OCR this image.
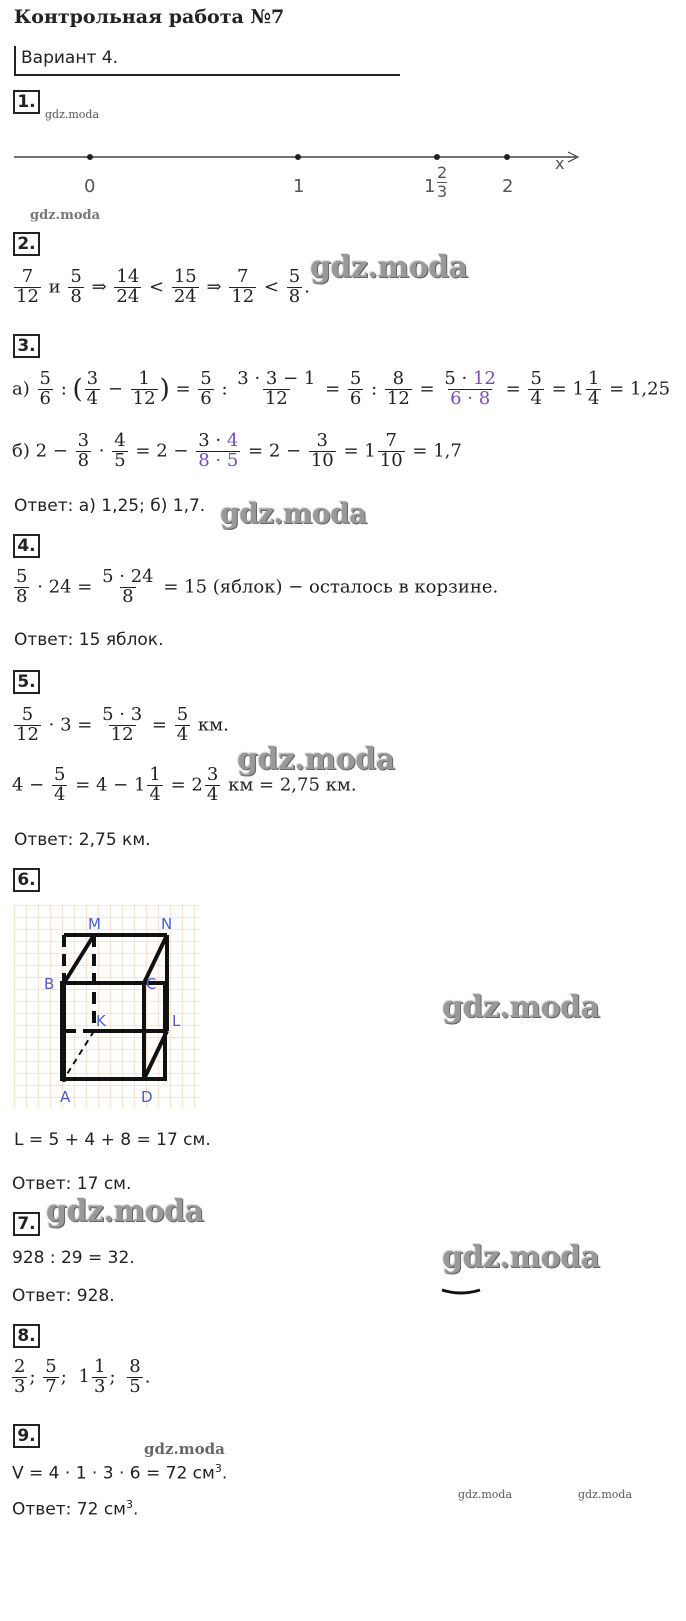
Контрольная работа №7
Вариант 4.
1.
gdz.moda
0	1	1
2
3	2
x
gdz.moda
2.
$\frac{7}{12}$ и $\frac{5}{8}$ ⇒ $\frac{14}{24} < \frac{15}{24}$ ⇒ $\frac{7}{12} < \frac{5}{8}$ .
gdz.moda
3.
$а) \frac{5}{6}$ : ( $\frac{3}{4} - \frac{1}{12}$ ) = $\frac{5}{6}$ : $\frac{3 \cdot 3 - 1}{12} = \frac{5}{6}$ : $\frac{8}{12} = \frac{5 \cdot 12}{6 \cdot 8} = \frac{5}{4} = 1 \frac{1}{4} = 1,25$
б) $2 - \frac{3}{8} \cdot \frac{4}{5} = 2 - \frac{3 \cdot 4}{8 \cdot 5} = 2 - \frac{3}{10} = 1 \frac{7}{10} = 1,7$
Ответ: а) 1,25; б) 1,7. gdz.moda
4.
$\frac{5}{8} \cdot 24 = \frac{5 \cdot 24}{8} = 15$ (яблок) − осталось в корзине.
Ответ: 15 яблок.
5.
$\frac{5}{12} \cdot 3 = \frac{5 \cdot 3}{12} = \frac{5}{4}$ км.
$4 - \frac{5}{4} = 4 - 1 \frac{1}{4} = 2 \frac{3}{4}$ км = 2,75 км.
gdz.moda
Ответ: 2,75 км.
6.
M	N
B	C
K	L
A	D
gdz.moda
L = 5 + 4 + 8 = 17 см.
Ответ: 17 см.
7. gdz.moda
928 : 29 = 32.	gdz.moda
Ответ: 928.
8.
$\frac{2}{3}$ ; $\frac{5}{7}$ ; $1 \frac{1}{3}$ ; $\frac{8}{5}$ .
9.
gdz.moda
V = 4 · 1 · 3 · 6 = 72 $см^3$.
Ответ: 72 $см^3$.
gdz.moda	gdz.moda
